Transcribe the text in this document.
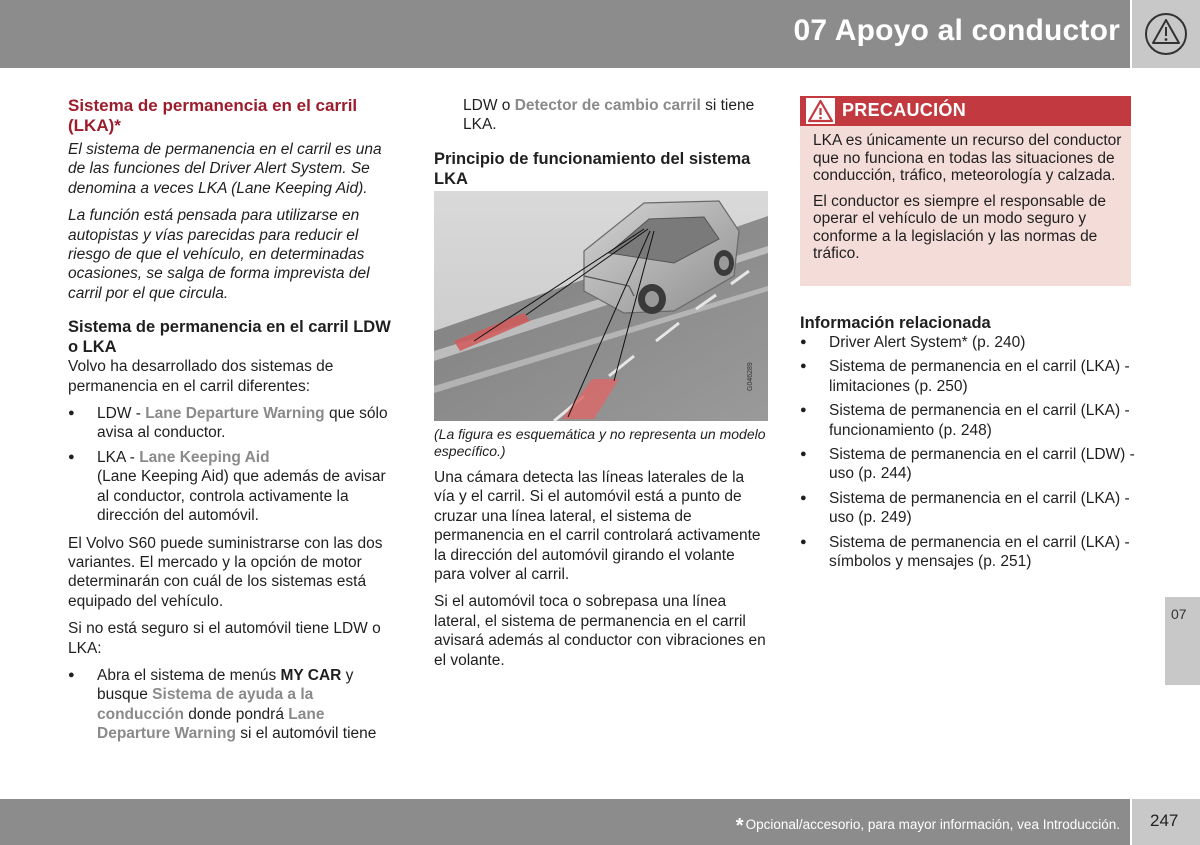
07 Apoyo al conductor
Sistema de permanencia en el carril (LKA)*

El sistema de permanencia en el carril es una de las funciones del Driver Alert System. Se denomina a veces LKA (Lane Keeping Aid).

La función está pensada para utilizarse en autopistas y vías parecidas para reducir el riesgo de que el vehículo, en determinadas ocasiones, se salga de forma imprevista del carril por el que circula.

Sistema de permanencia en el carril LDW o LKA

Volvo ha desarrollado dos sistemas de permanencia en el carril diferentes:

● LDW - Lane Departure Warning que sólo avisa al conductor.
● LKA - Lane Keeping Aid
(Lane Keeping Aid) que además de avisar al conductor, controla activamente la dirección del automóvil.

El Volvo S60 puede suministrarse con las dos variantes. El mercado y la opción de motor determinarán con cuál de los sistemas está equipado del vehículo.

Si no está seguro si el automóvil tiene LDW o LKA:

● Abra el sistema de menús MY CAR y busque Sistema de ayuda a la conducción donde pondrá Lane Departure Warning si el automóvil tiene

LDW o Detector de cambio carril si tiene LKA.

Principio de funcionamiento del sistema LKA
G046289
(La figura es esquemática y no representa un modelo específico.)

Una cámara detecta las líneas laterales de la vía y el carril. Si el automóvil está a punto de cruzar una línea lateral, el sistema de permanencia en el carril controlará activamente la dirección del automóvil girando el volante para volver al carril.

Si el automóvil toca o sobrepasa una línea lateral, el sistema de permanencia en el carril avisará además al conductor con vibraciones en el volante.

PRECAUCIÓN

LKA es únicamente un recurso del conductor que no funciona en todas las situaciones de conducción, tráfico, meteorología y calzada.

El conductor es siempre el responsable de operar el vehículo de un modo seguro y conforme a la legislación y las normas de tráfico.

Información relacionada
● Driver Alert System* (p. 240)
● Sistema de permanencia en el carril (LKA) - limitaciones (p. 250)
● Sistema de permanencia en el carril (LKA) - funcionamiento (p. 248)
● Sistema de permanencia en el carril (LDW) - uso (p. 244)
● Sistema de permanencia en el carril (LKA) - uso (p. 249)
● Sistema de permanencia en el carril (LKA) - símbolos y mensajes (p. 251)
07
* Opcional/accesorio, para mayor información, vea Introducción. 247
